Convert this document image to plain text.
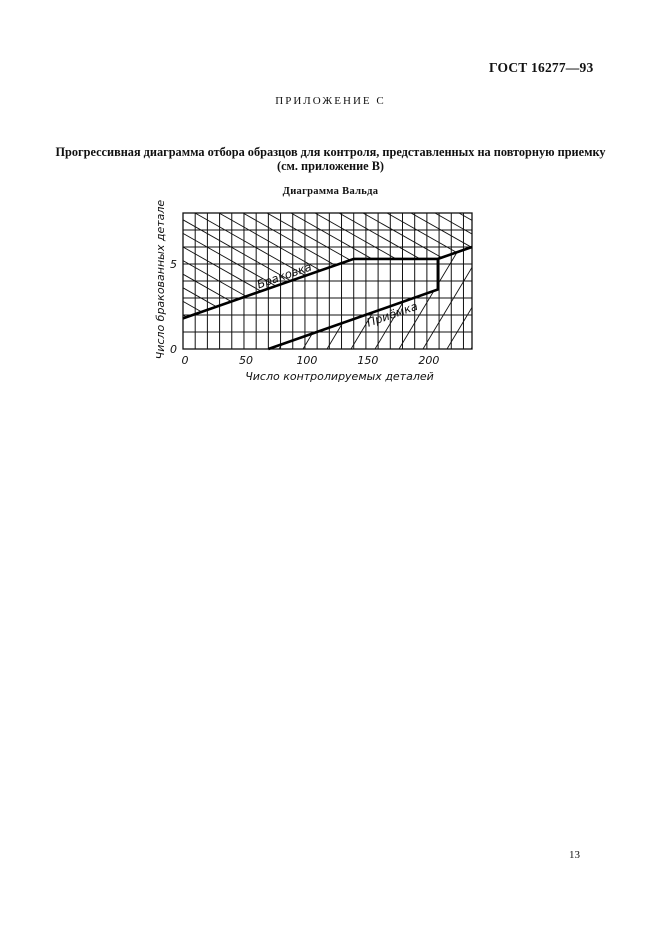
ГОСТ 16277—93
ПРИЛОЖЕНИЕ С
Прогрессивная диаграмма отбора образцов для контроля, представленных на повторную приемку
(см. приложение В)
Диаграмма Вальда
Браковка
Приёмка
0	50	100	150	200
0
5
Число контролируемых деталей
Число бракованных деталей
13
